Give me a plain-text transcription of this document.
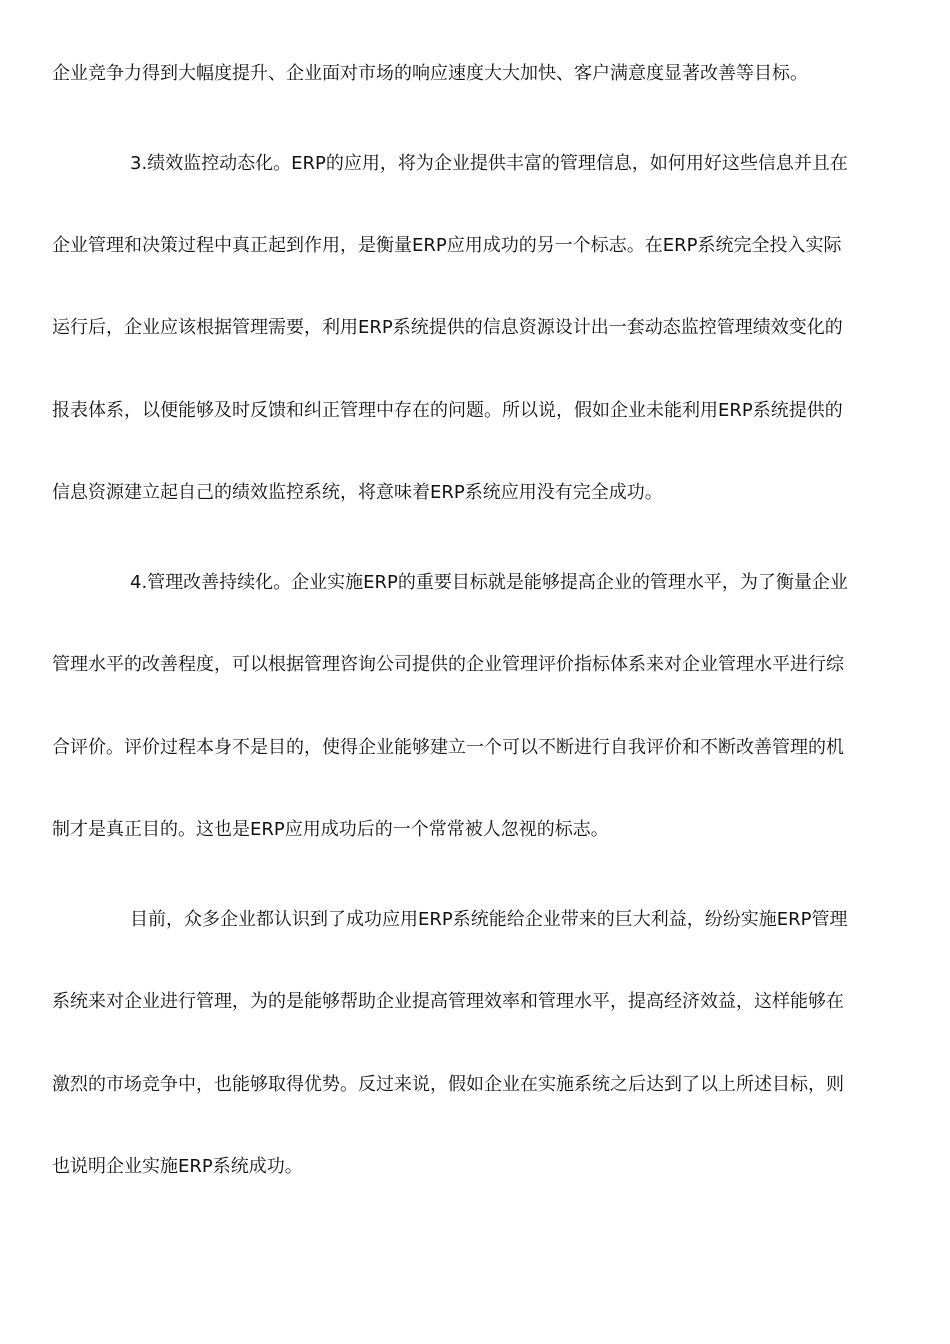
企业竞争力得到大幅度提升、企业面对市场的响应速度大大加快、客户满意度显著改善等目标。
3.绩效监控动态化。ERP的应用，将为企业提供丰富的管理信息，如何用好这些信息并且在
企业管理和决策过程中真正起到作用，是衡量ERP应用成功的另一个标志。在ERP系统完全投入实际
运行后，企业应该根据管理需要，利用ERP系统提供的信息资源设计出一套动态监控管理绩效变化的
报表体系，以便能够及时反馈和纠正管理中存在的问题。所以说，假如企业未能利用ERP系统提供的
信息资源建立起自己的绩效监控系统，将意味着ERP系统应用没有完全成功。
4.管理改善持续化。企业实施ERP的重要目标就是能够提高企业的管理水平，为了衡量企业
管理水平的改善程度，可以根据管理咨询公司提供的企业管理评价指标体系来对企业管理水平进行综
合评价。评价过程本身不是目的，使得企业能够建立一个可以不断进行自我评价和不断改善管理的机
制才是真正目的。这也是ERP应用成功后的一个常常被人忽视的标志。
目前，众多企业都认识到了成功应用ERP系统能给企业带来的巨大利益，纷纷实施ERP管理
系统来对企业进行管理，为的是能够帮助企业提高管理效率和管理水平，提高经济效益，这样能够在
激烈的市场竞争中，也能够取得优势。反过来说，假如企业在实施系统之后达到了以上所述目标，则
也说明企业实施ERP系统成功。
